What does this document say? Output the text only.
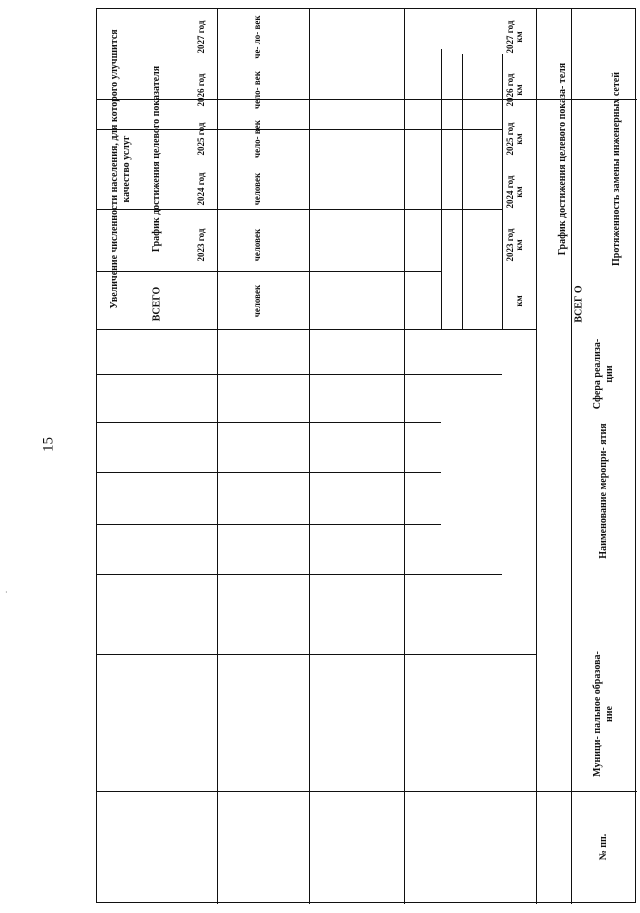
15
·
№ пп.
Муници- пальное образова- ние
Наименование меропри- ятия
Сфера реализа- ции
Протяженность замены инженерных сетей
ВСЕГ О
График достижения целевого показа- теля
2023 год
2024 год
2025 год
2026 год
2027 год
Увеличение численности населения, для которого улучшится качество услуг
ВСЕГО
График достижения целевого показателя	2023 год
2024 год
2025 год
2026 год
2027 год
км
км
км
км
км
км
человек
человек
человек
чело- век
чело- век
че- ло- век
